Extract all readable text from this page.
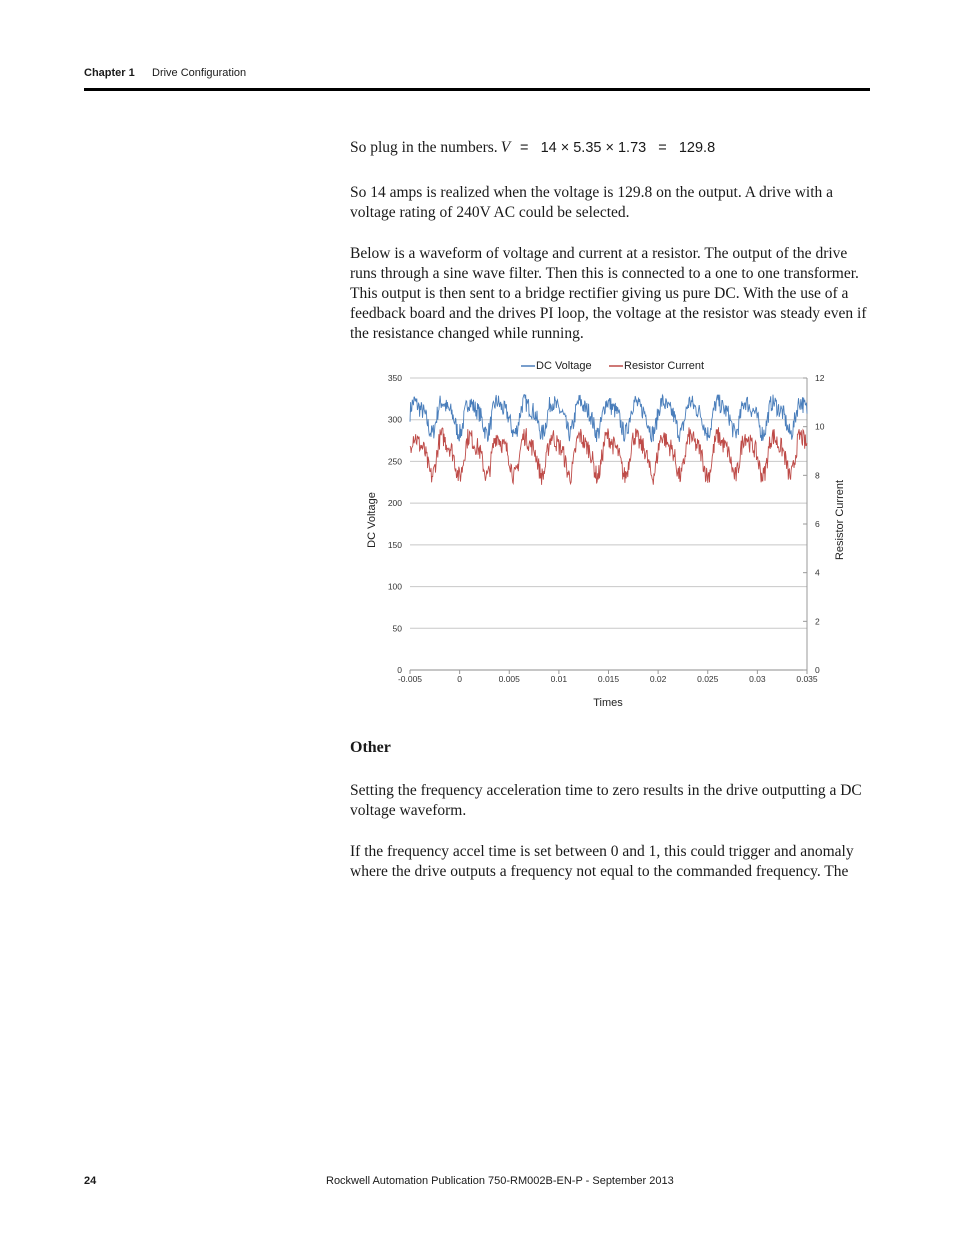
Chapter 1 Drive Configuration
So plug in the numbers. V =   14 × 5.35 × 1.73   =   129.8

So 14 amps is realized when the voltage is 129.8 on the output. A drive with a voltage rating of 240V AC could be selected.

Below is a waveform of voltage and current at a resistor. The output of the drive runs through a sine wave filter. Then this is connected to a one to one transformer. This output is then sent to a bridge rectifier giving us pure DC. With the use of a feedback board and the drives PI loop, the voltage at the resistor was steady even if the resistance changed while running.

DC Voltage	Resistor Current
0
50
100
150
200
250
300
350
0
2
4
6
8
10
12
-0.005	0	0.005	0.01	0.015	0.02	0.025	0.03	0.035
DC Voltage	Resistor Current
Times
Other

Setting the frequency acceleration time to zero results in the drive outputting a DC voltage waveform.

If the frequency accel time is set between 0 and 1, this could trigger and anomaly where the drive outputs a frequency not equal to the commanded frequency. The

24	Rockwell Automation Publication 750-RM002B-EN-P - September 2013
